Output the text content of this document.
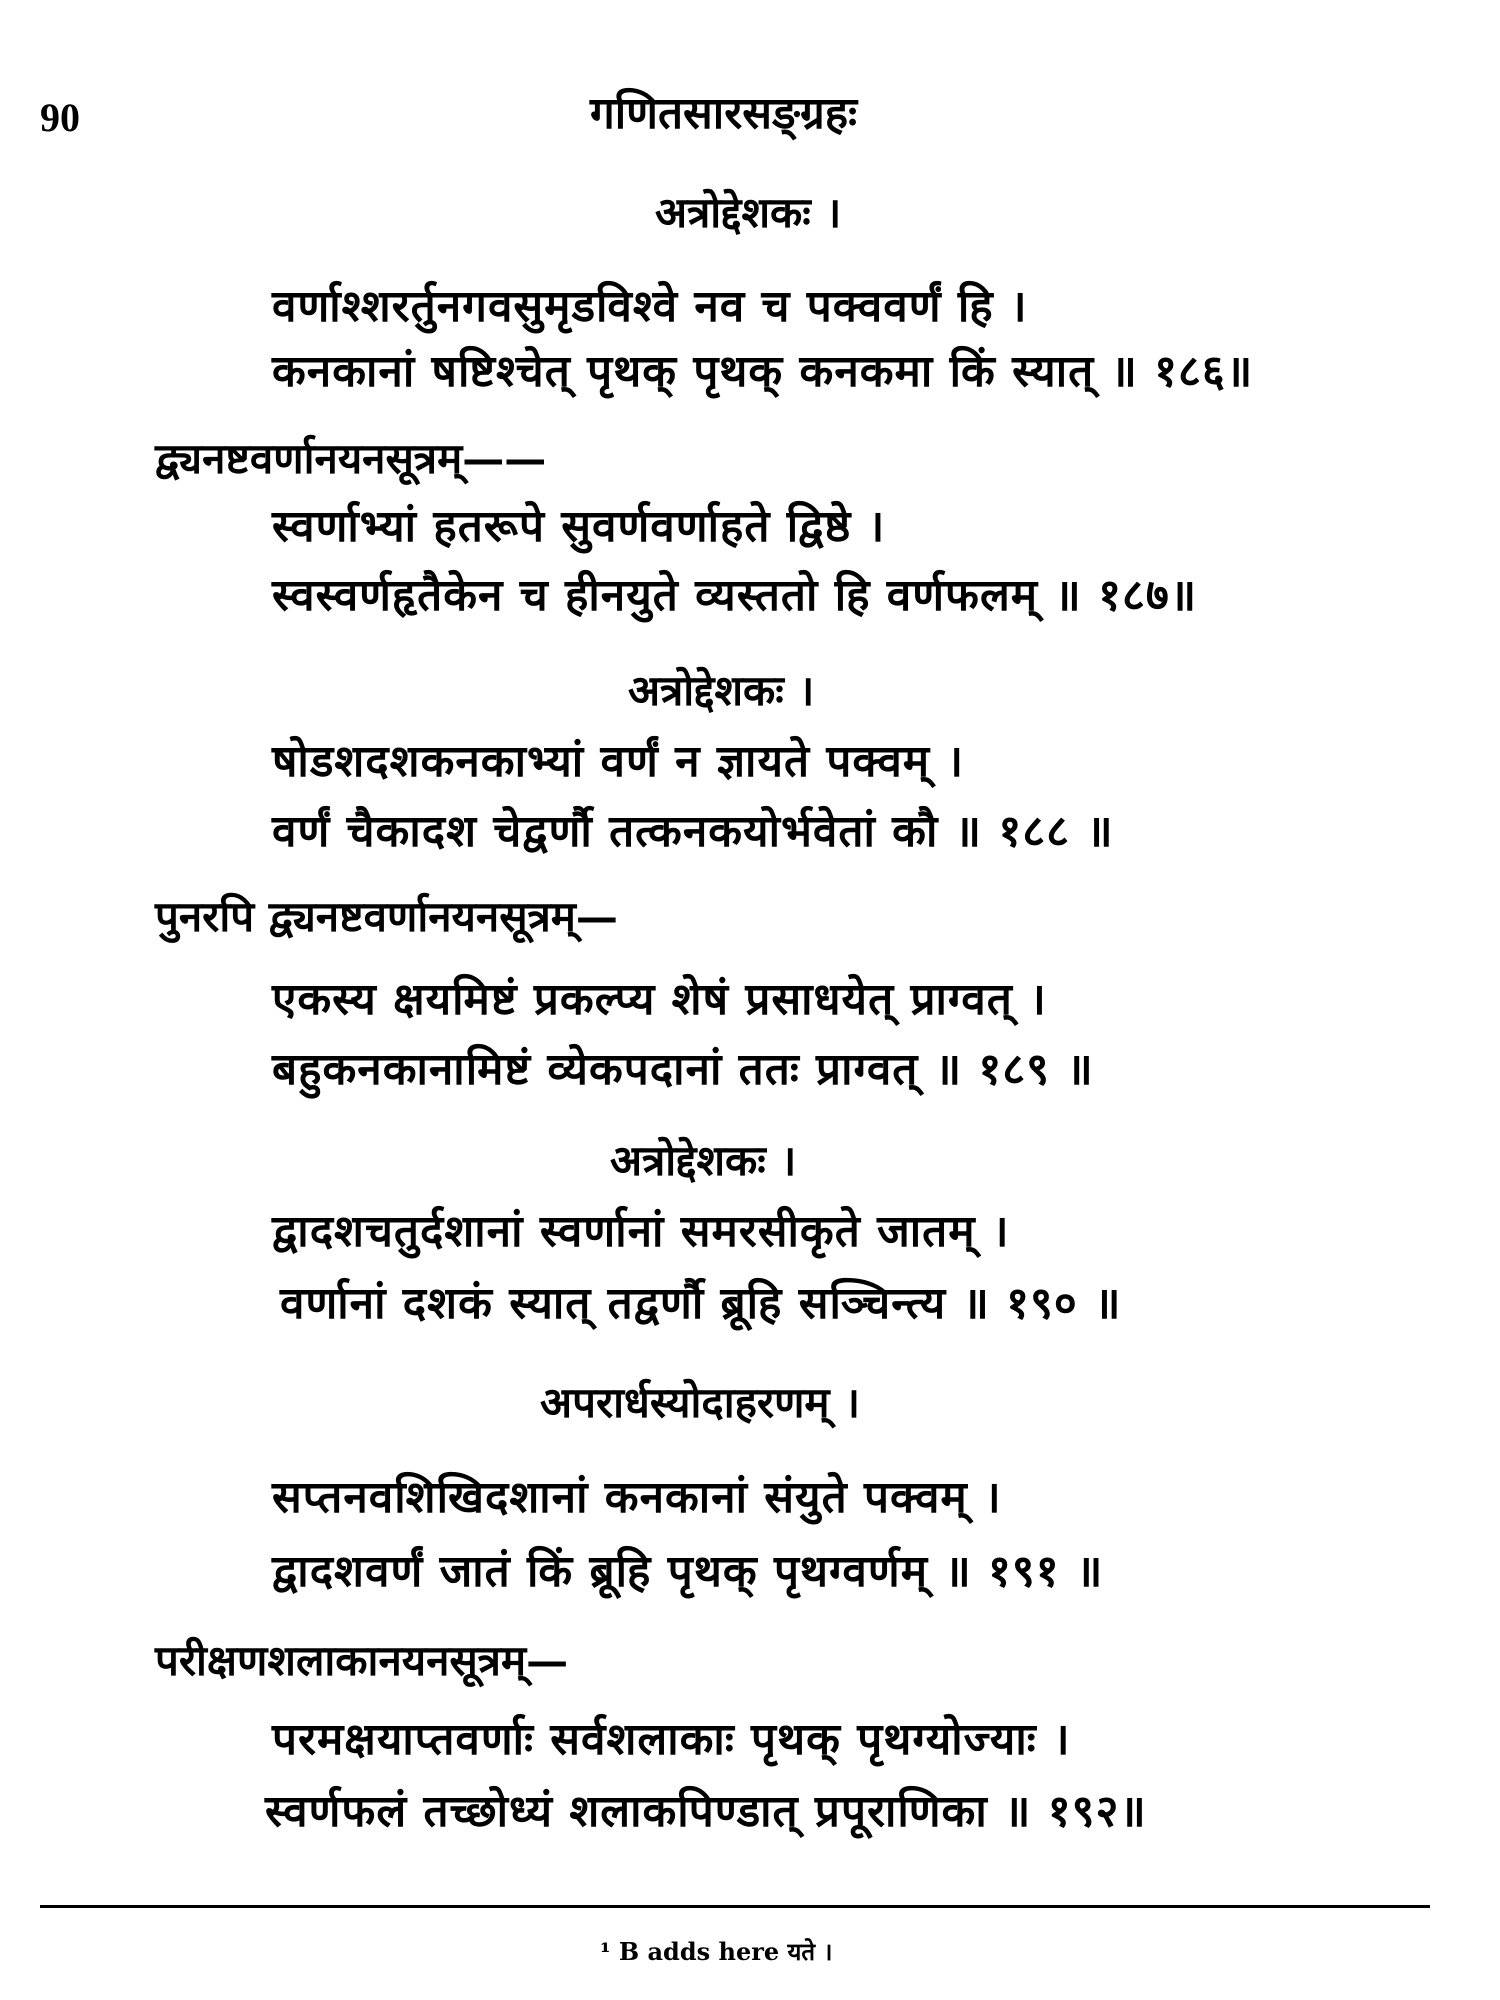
90	गणितसारसङ्ग्रहः
अत्रोद्देशकः ।
वर्णाश्शरर्तुनगवसुमृडविश्वे नव च पक्ववर्णं हि ।
कनकानां षष्टिश्चेत् पृथक् पृथक् कनकमा किं स्यात् ॥ १८६॥
द्व्यनष्टवर्णानयनसूत्रम्——
स्वर्णाभ्यां हतरूपे सुवर्णवर्णाहते द्विष्ठे ।
स्वस्वर्णहृतैकेन च हीनयुते व्यस्ततो हि वर्णफलम् ॥ १८७॥
अत्रोद्देशकः ।
षोडशदशकनकाभ्यां वर्णं न ज्ञायते पक्वम् ।
वर्णं चैकादश चेद्वर्णौ तत्कनकयोर्भवेतां कौ ॥ १८८ ॥
पुनरपि द्व्यनष्टवर्णानयनसूत्रम्—
एकस्य क्षयमिष्टं प्रकल्प्य शेषं प्रसाधयेत् प्राग्वत् ।
बहुकनकानामिष्टं व्येकपदानां ततः प्राग्वत् ॥ १८९ ॥
अत्रोद्देशकः ।
द्वादशचतुर्दशानां स्वर्णानां समरसीकृते जातम् ।
वर्णानां दशकं स्यात् तद्वर्णौ ब्रूहि सञ्चिन्त्य ॥ १९० ॥
अपरार्धस्योदाहरणम् ।
सप्तनवशिखिदशानां कनकानां संयुते पक्वम् ।
द्वादशवर्णं जातं किं ब्रूहि पृथक् पृथग्वर्णम् ॥ १९१ ॥
परीक्षणशलाकानयनसूत्रम्—
परमक्षयाप्तवर्णाः सर्वशलाकाः पृथक् पृथग्योज्याः ।
स्वर्णफलं तच्छोध्यं शलाकपिण्डात् प्रपूराणिका ॥ १९२॥
¹ B adds here यते ।
